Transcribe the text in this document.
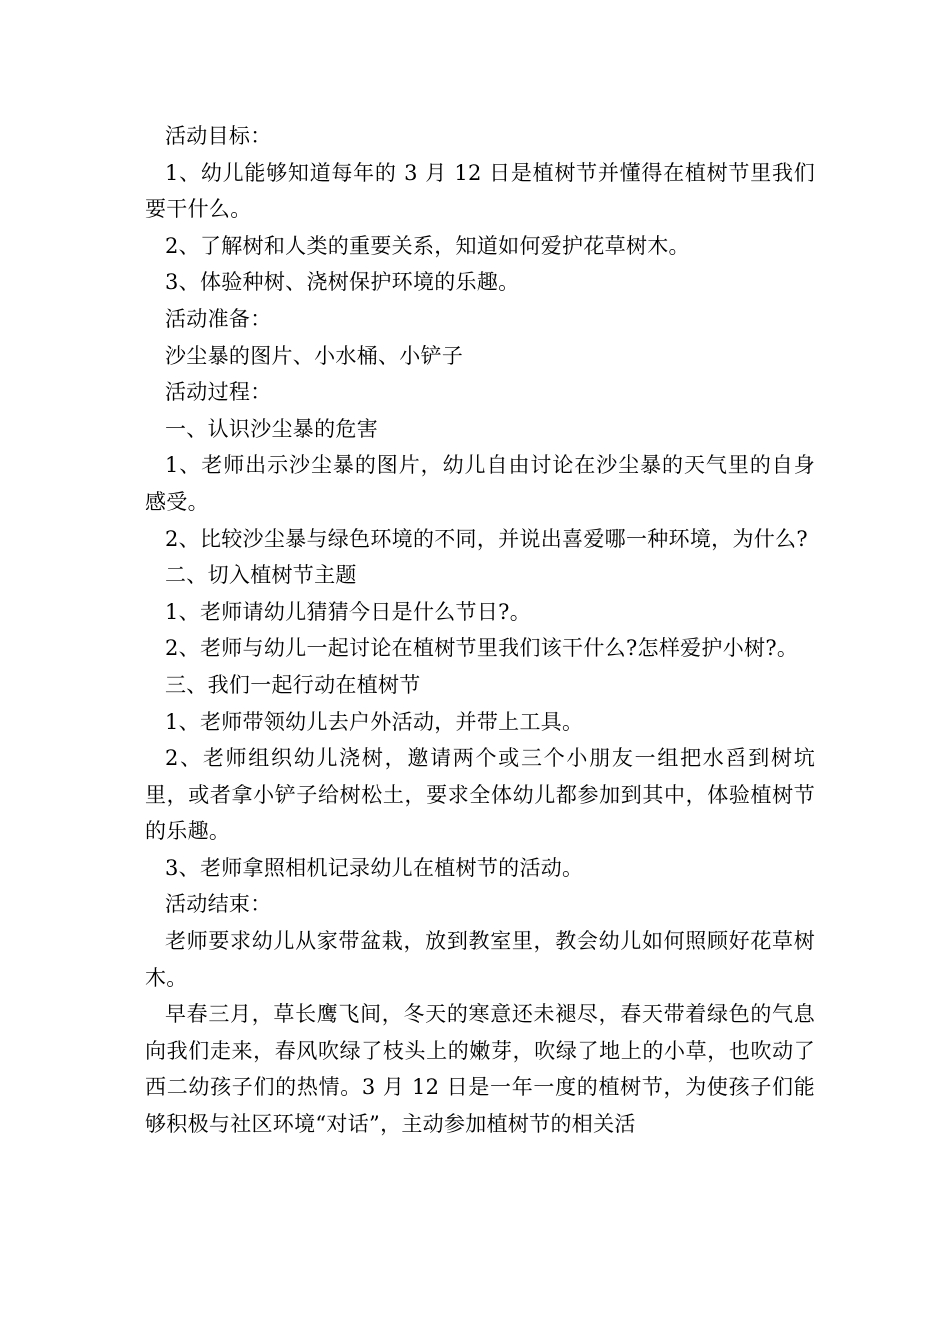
活动目标：

1、幼儿能够知道每年的 3 月 12 日是植树节并懂得在植树节里我们要干什么。

2、了解树和人类的重要关系，知道如何爱护花草树木。

3、体验种树、浇树保护环境的乐趣。

活动准备：

沙尘暴的图片、小水桶、小铲子

活动过程：

一、认识沙尘暴的危害

1、老师出示沙尘暴的图片，幼儿自由讨论在沙尘暴的天气里的自身感受。

2、比较沙尘暴与绿色环境的不同，并说出喜爱哪一种环境，为什么?

二、切入植树节主题

1、老师请幼儿猜猜今日是什么节日?。

2、老师与幼儿一起讨论在植树节里我们该干什么?怎样爱护小树?。

三、我们一起行动在植树节

1、老师带领幼儿去户外活动，并带上工具。

2、老师组织幼儿浇树，邀请两个或三个小朋友一组把水舀到树坑里，或者拿小铲子给树松土，要求全体幼儿都参加到其中，体验植树节的乐趣。

3、老师拿照相机记录幼儿在植树节的活动。

活动结束：

老师要求幼儿从家带盆栽，放到教室里，教会幼儿如何照顾好花草树木。

早春三月，草长鹰飞间，冬天的寒意还未褪尽，春天带着绿色的气息向我们走来，春风吹绿了枝头上的嫩芽，吹绿了地上的小草，也吹动了西二幼孩子们的热情。3 月 12 日是一年一度的植树节，为使孩子们能够积极与社区环境“对话”，主动参加植树节的相关活
